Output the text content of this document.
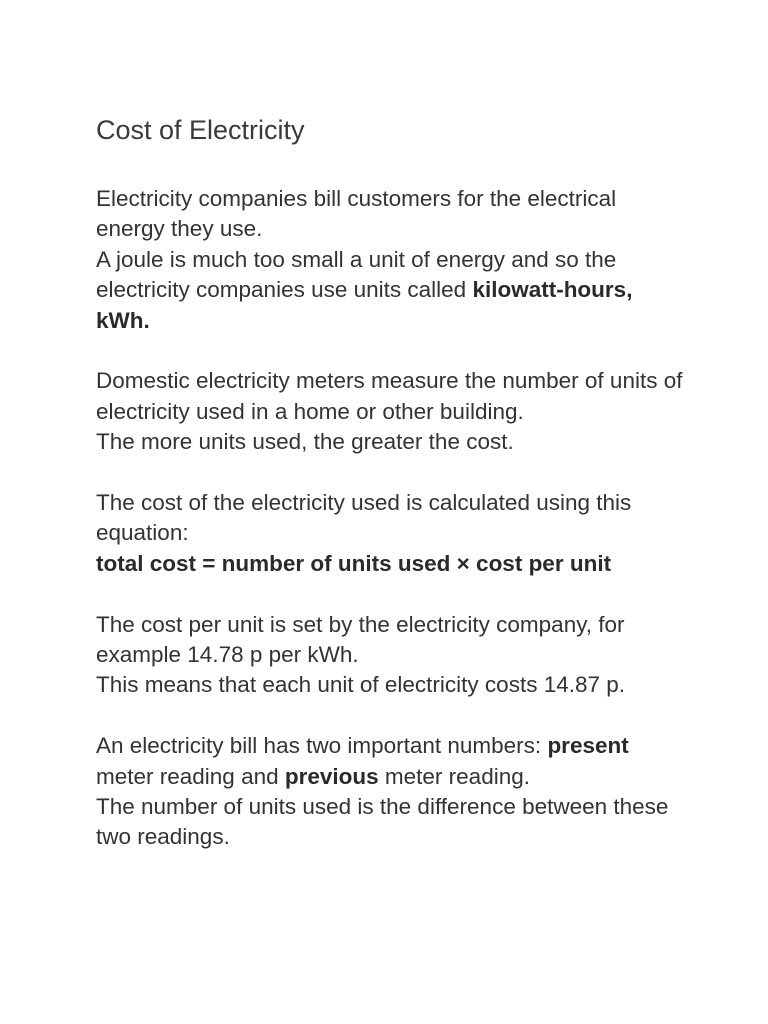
Cost of Electricity
Electricity companies bill customers for the electrical energy they use.
A joule is much too small a unit of energy and so the electricity companies use units called kilowatt-hours, kWh.
Domestic electricity meters measure the number of units of electricity used in a home or other building.
The more units used, the greater the cost.
The cost of the electricity used is calculated using this equation:
total cost = number of units used × cost per unit
The cost per unit is set by the electricity company, for example 14.78 p per kWh.
This means that each unit of electricity costs 14.87 p.
An electricity bill has two important numbers: present meter reading and previous meter reading.
The number of units used is the difference between these two readings.
